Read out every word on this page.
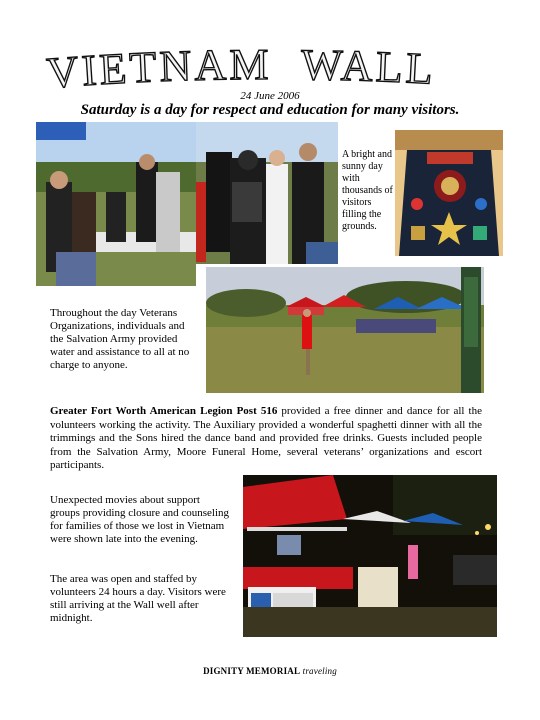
VIETNAM WALL
24 June 2006
Saturday is a day for respect and education for many visitors.
A bright and sunny day with thousands of visitors filling the grounds.
Throughout the day Veterans Organizations, individuals and the Salvation Army provided water and assistance to all at no charge to anyone.
Greater Fort Worth American Legion Post 516 provided a free dinner and dance for all the volunteers working the activity. The Auxiliary provided a wonderful spaghetti dinner with all the trimmings and the Sons hired the dance band and provided free drinks. Guests included people from the Salvation Army, Moore Funeral Home, several veterans’ organizations and escort participants.
Unexpected movies about support groups providing closure and counseling for families of those we lost in Vietnam were shown late into the evening.
The area was open and staffed by volunteers 24 hours a day. Visitors were still arriving at the Wall well after midnight.
DIGNITY MEMORIAL traveling
